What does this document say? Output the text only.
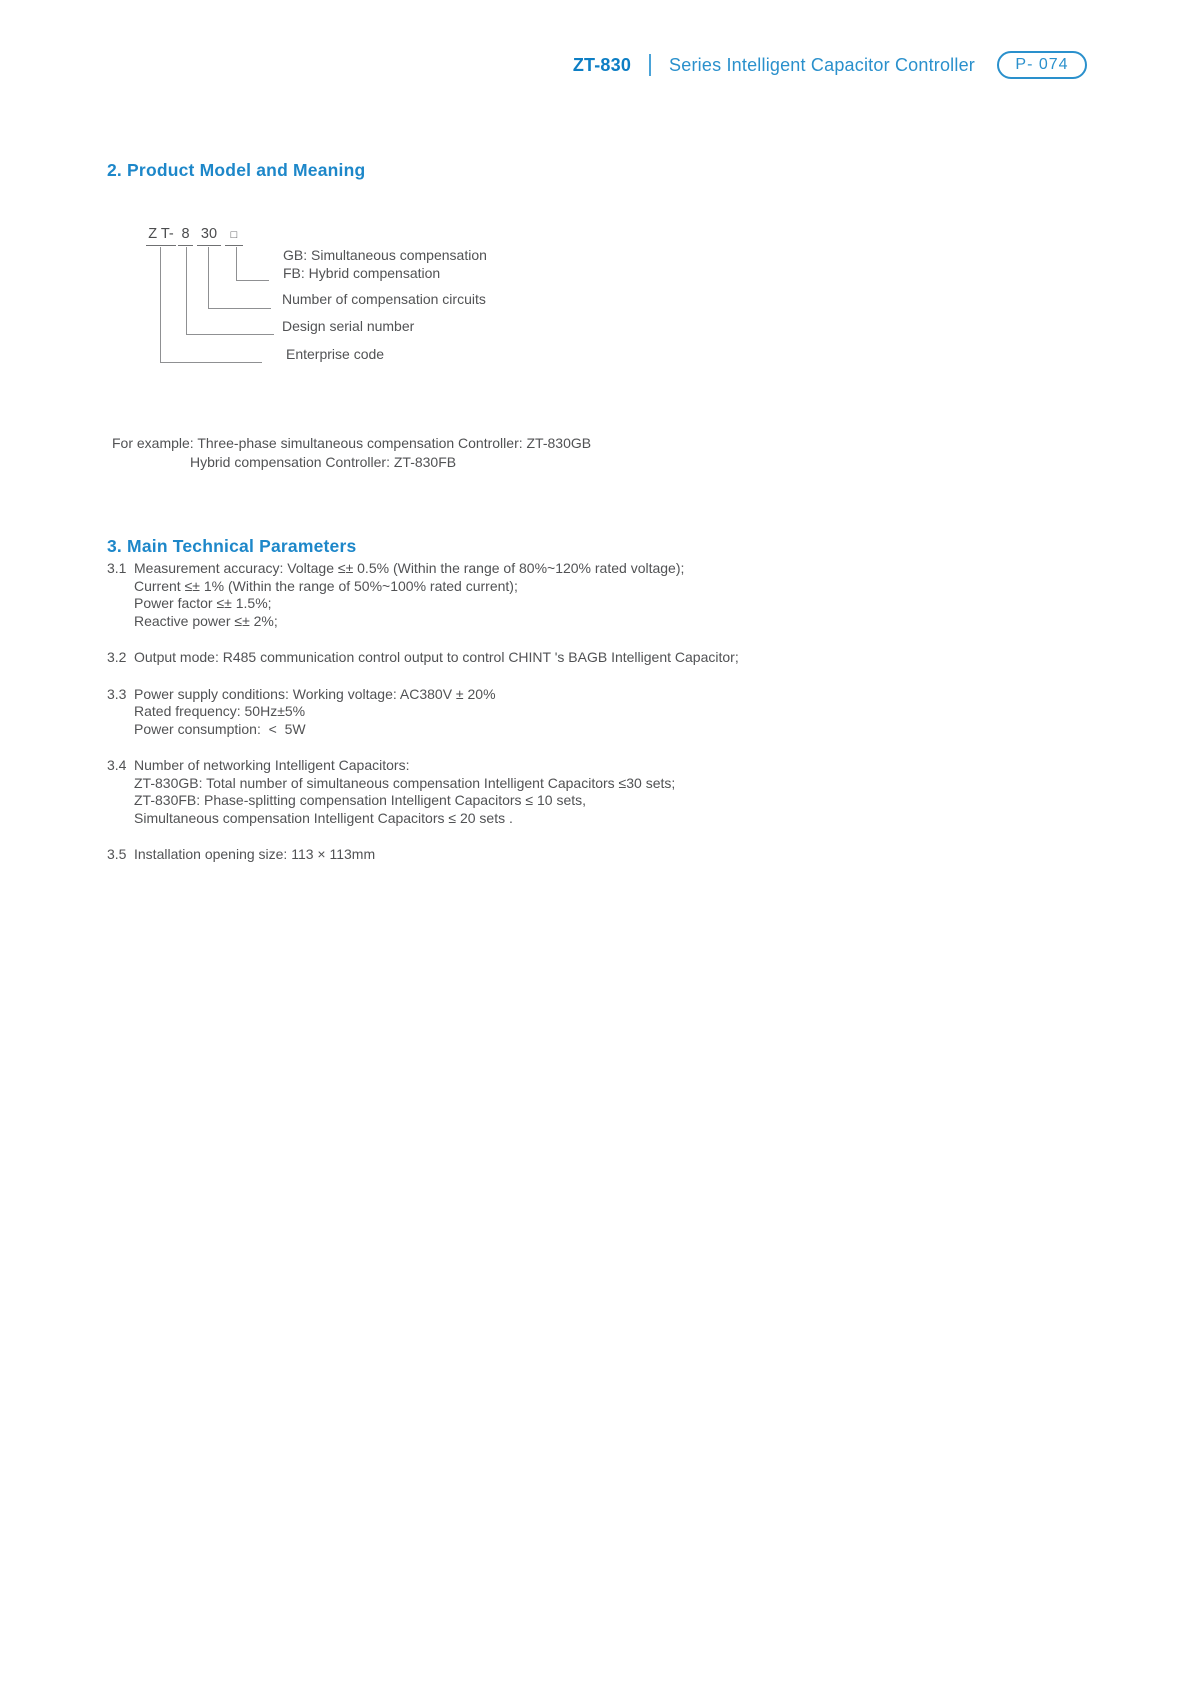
ZT-830 Series Intelligent Capacitor Controller	P- 074
2. Product Model and Meaning
Z T- 8 30	□
GB: Simultaneous compensation
FB: Hybrid compensation
Number of compensation circuits
Design serial number
Enterprise code
For example: Three-phase simultaneous compensation Controller: ZT-830GB
Hybrid compensation Controller: ZT-830FB
3. Main Technical Parameters
3.1 Measurement accuracy: Voltage ≤± 0.5% (Within the range of 80%~120% rated voltage);
Current ≤± 1% (Within the range of 50%~100% rated current);
Power factor ≤± 1.5%;
Reactive power ≤± 2%;
3.2 Output mode: R485 communication control output to control CHINT 's BAGB Intelligent Capacitor;
3.3 Power supply conditions: Working voltage: AC380V ± 20%
Rated frequency: 50Hz±5%
Power consumption:  <  5W
3.4 Number of networking Intelligent Capacitors:
ZT-830GB: Total number of simultaneous compensation Intelligent Capacitors ≤30 sets;
ZT-830FB: Phase-splitting compensation Intelligent Capacitors ≤ 10 sets,
Simultaneous compensation Intelligent Capacitors ≤ 20 sets .
3.5 Installation opening size: 113 × 113mm
